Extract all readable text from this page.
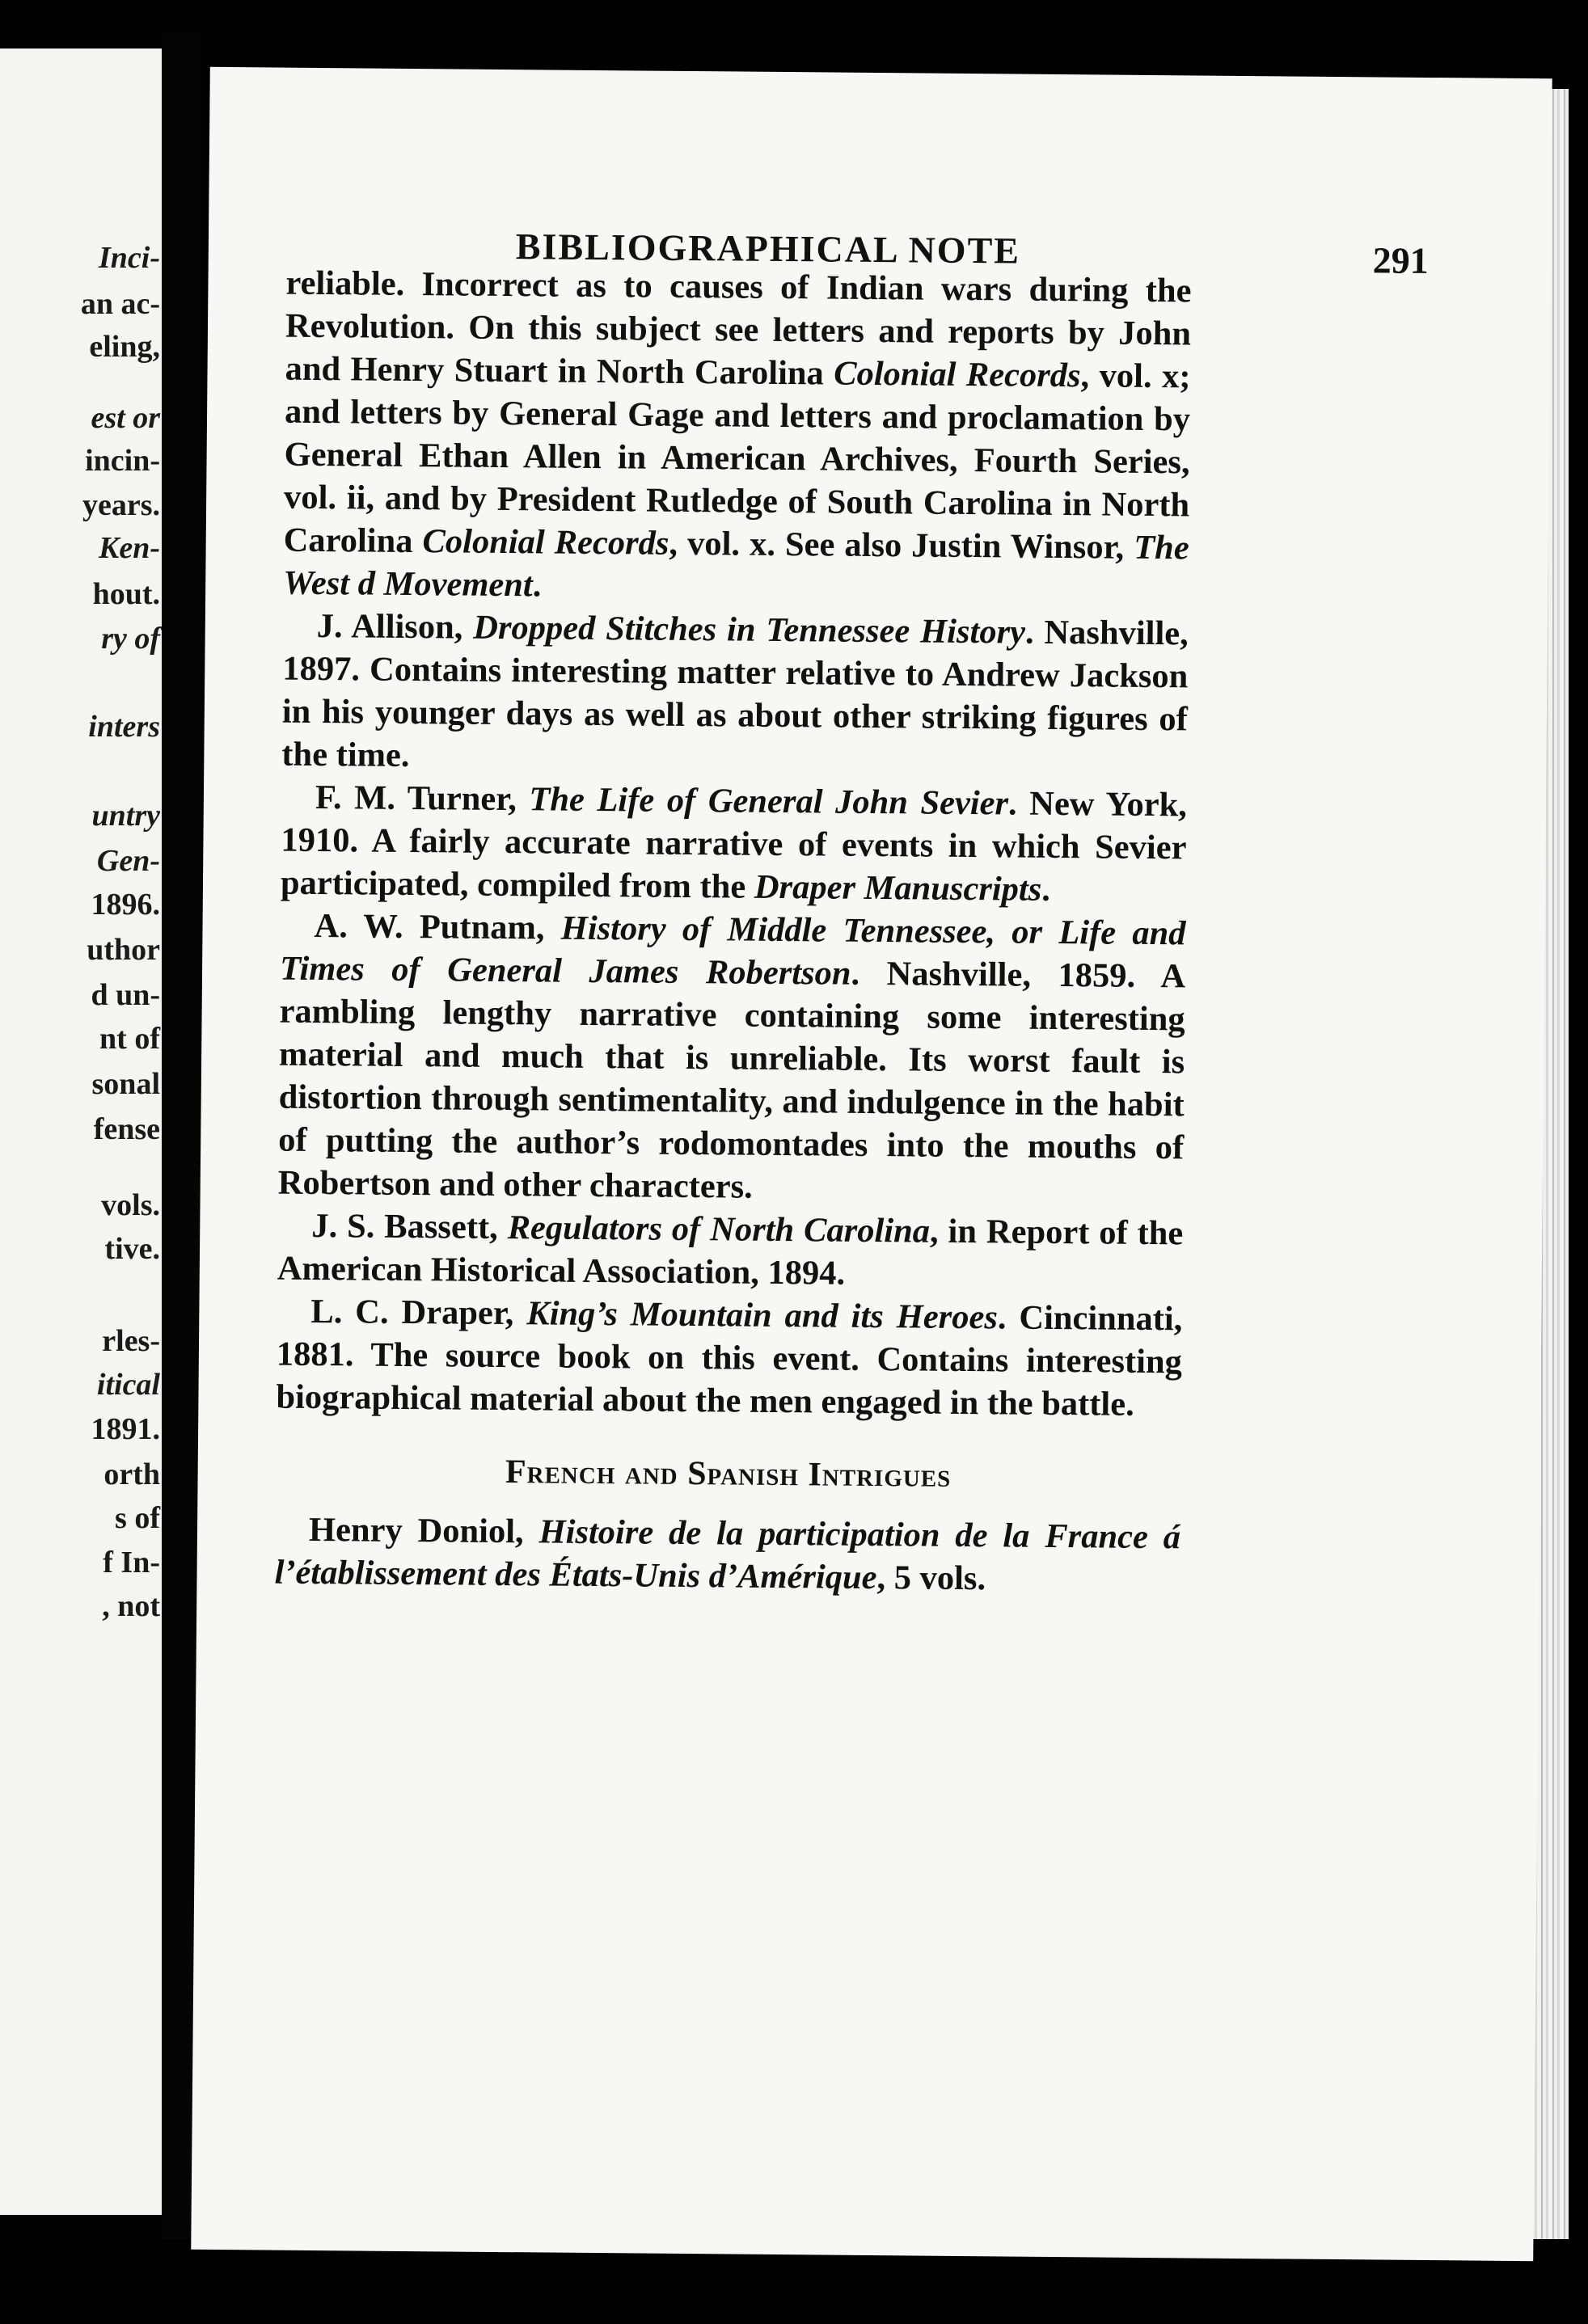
Inci-
an ac-
eling,
est or
incin-
years.
Ken-
hout.
ry of
inters
untry
Gen-
1896.
uthor
d un-
nt of
sonal
fense
vols.
tive.
rles-
itical
1891.
orth
s of
f In-
, not
BIBLIOGRAPHICAL NOTE	291

reliable. Incorrect as to causes of Indian wars during the Revolution. On this subject see letters and reports by John and Henry Stuart in North Carolina Colonial Records, vol. x; and letters by General Gage and letters and proclamation by General Ethan Allen in American Archives, Fourth Series, vol. ii, and by President Rutledge of South Carolina in North Carolina Colonial Records, vol. x. See also Justin Winsor, The West d Movement.

J. Allison, Dropped Stitches in Tennessee History. Nashville, 1897. Contains interesting matter relative to Andrew Jackson in his younger days as well as about other striking figures of the time.

F. M. Turner, The Life of General John Sevier. New York, 1910. A fairly accurate narrative of events in which Sevier participated, compiled from the Draper Manuscripts.

A. W. Putnam, History of Middle Tennessee, or Life and Times of General James Robertson. Nashville, 1859. A rambling lengthy narrative containing some interesting material and much that is unreliable. Its worst fault is distortion through sentimentality, and indulgence in the habit of putting the author’s rodomontades into the mouths of Robertson and other characters.

J. S. Bassett, Regulators of North Carolina, in Report of the American Historical Association, 1894.

L. C. Draper, King’s Mountain and its Heroes. Cincinnati, 1881. The source book on this event. Contains interesting biographical material about the men engaged in the battle.

French and Spanish Intrigues

Henry Doniol, Histoire de la participation de la France á l’établissement des États-Unis d’Amérique, 5 vols.
